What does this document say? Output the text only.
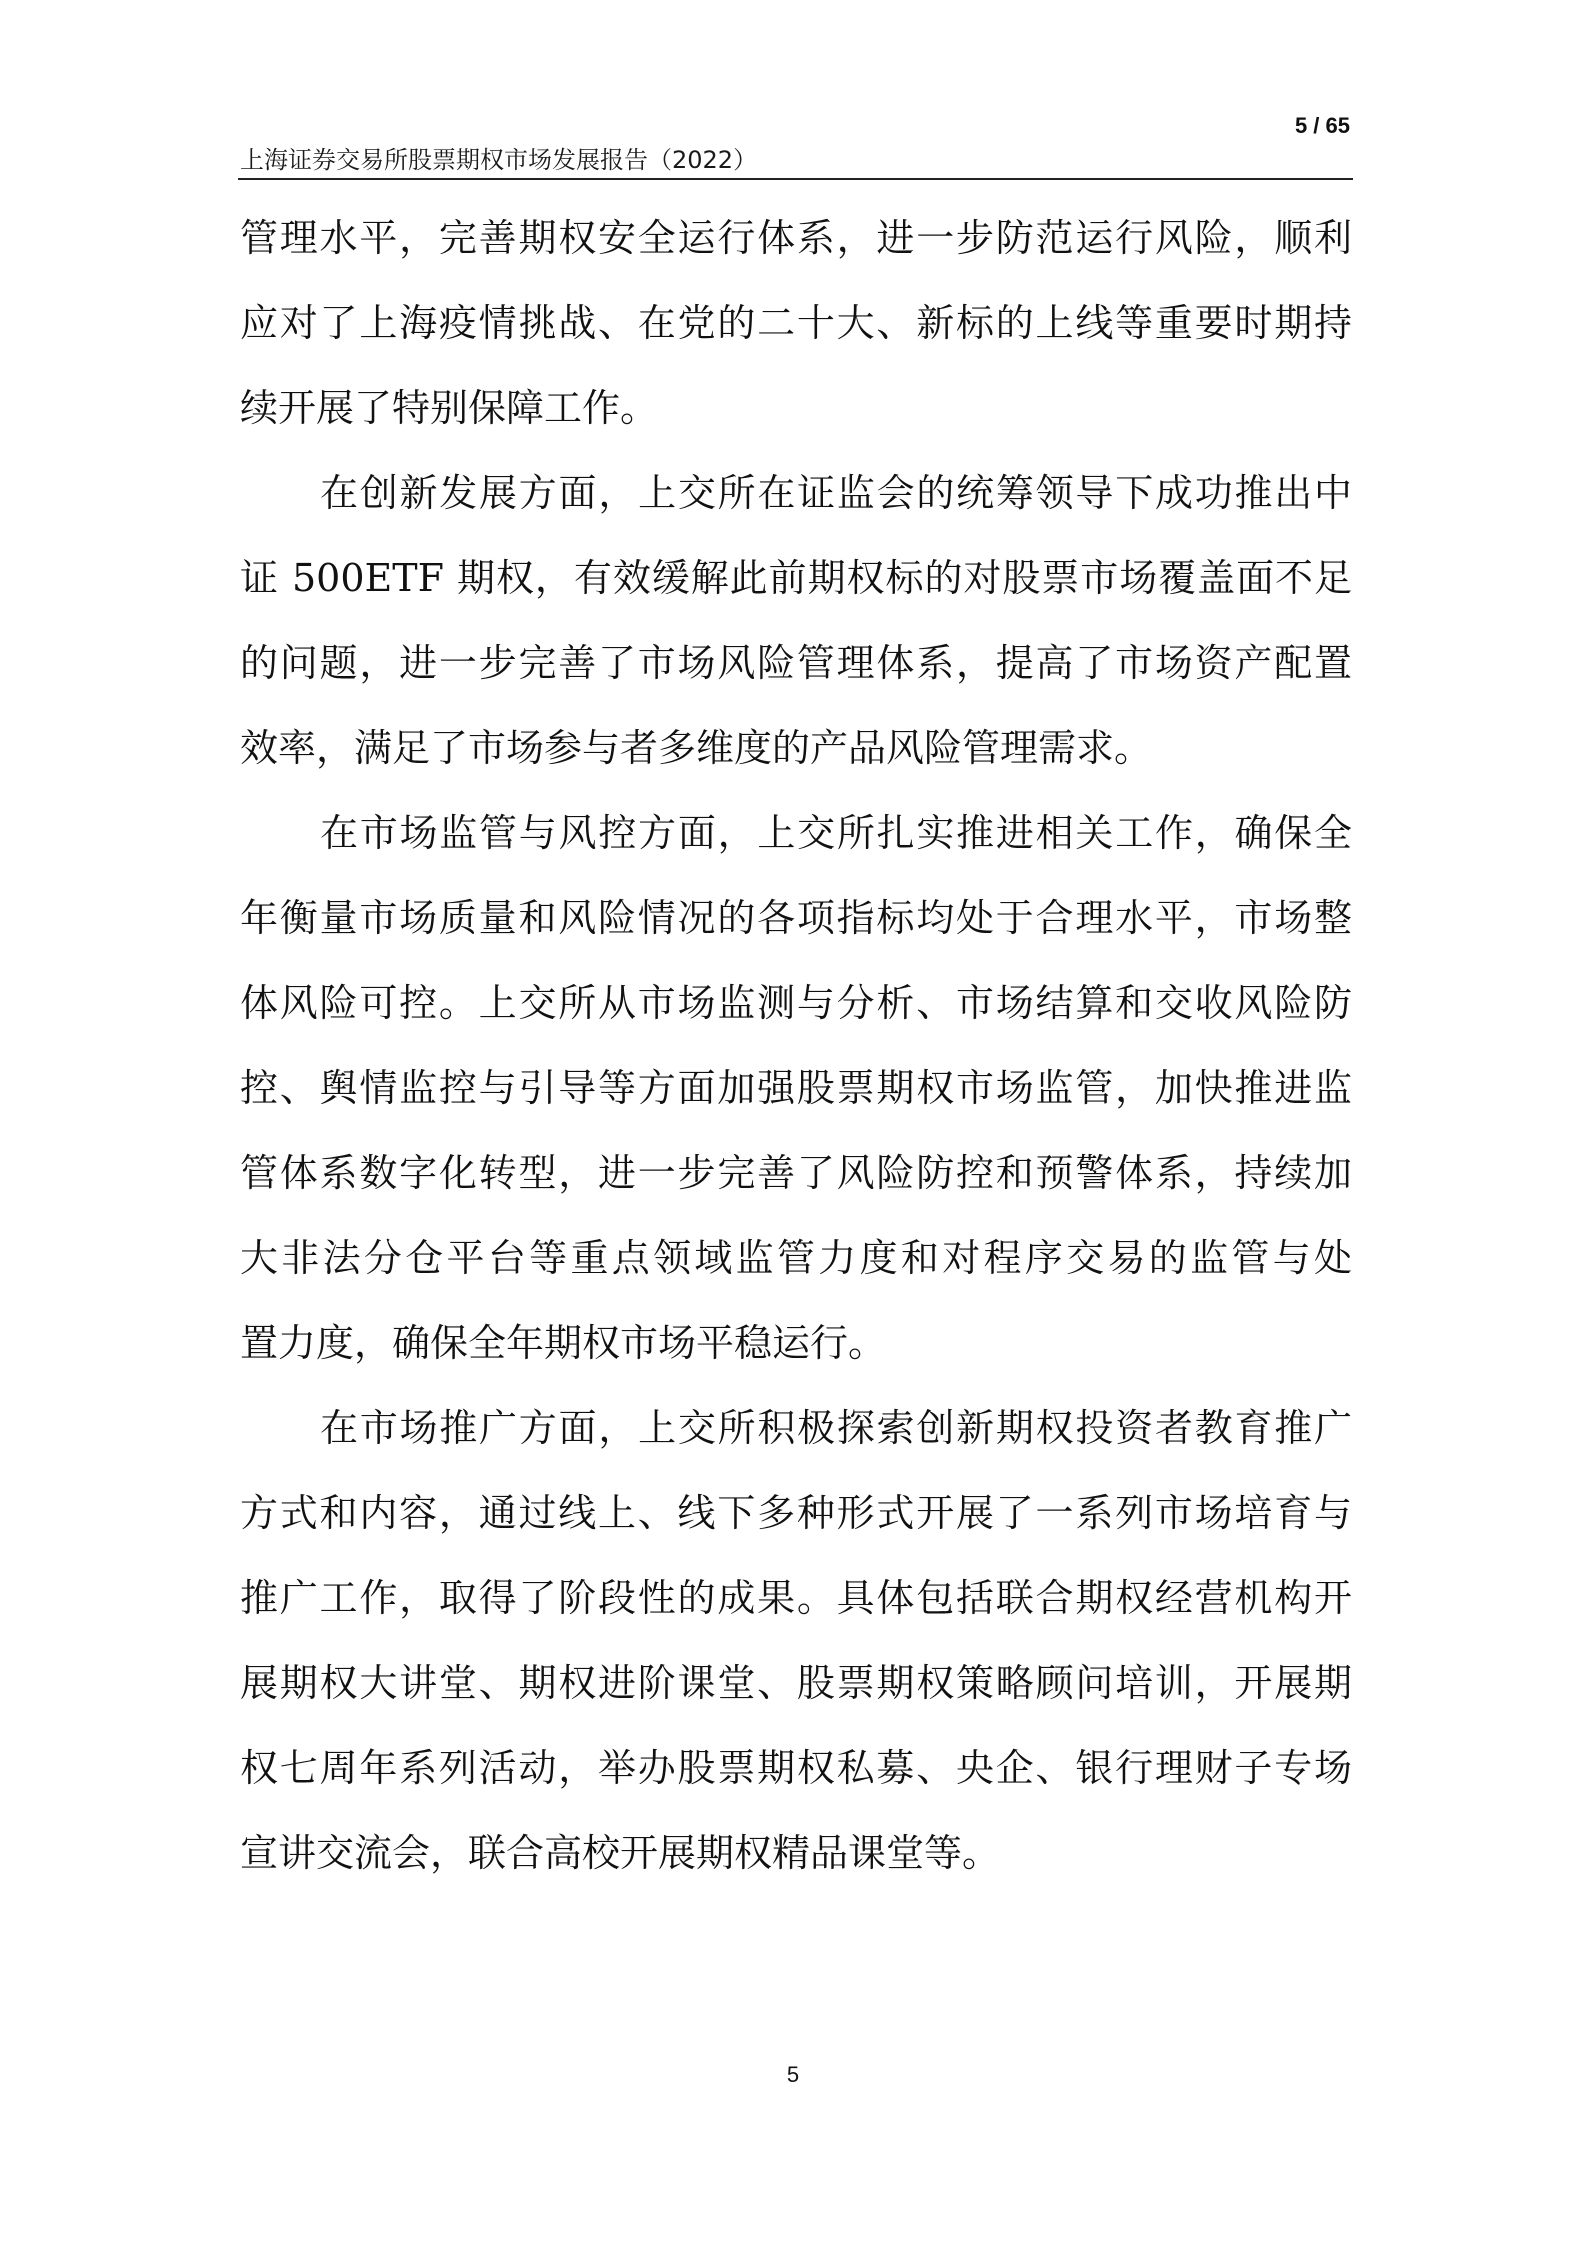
5 / 65
上海证券交易所股票期权市场发展报告（2022）
管理水平，完善期权安全运行体系，进一步防范运行风险，顺利
应对了上海疫情挑战、在党的二十大、新标的上线等重要时期持
续开展了特别保障工作。
在创新发展方面，上交所在证监会的统筹领导下成功推出中
证 500ETF 期权，有效缓解此前期权标的对股票市场覆盖面不足
的问题，进一步完善了市场风险管理体系，提高了市场资产配置
效率，满足了市场参与者多维度的产品风险管理需求。
在市场监管与风控方面，上交所扎实推进相关工作，确保全
年衡量市场质量和风险情况的各项指标均处于合理水平，市场整
体风险可控。上交所从市场监测与分析、市场结算和交收风险防
控、舆情监控与引导等方面加强股票期权市场监管，加快推进监
管体系数字化转型，进一步完善了风险防控和预警体系，持续加
大非法分仓平台等重点领域监管力度和对程序交易的监管与处
置力度，确保全年期权市场平稳运行。
在市场推广方面，上交所积极探索创新期权投资者教育推广
方式和内容，通过线上、线下多种形式开展了一系列市场培育与
推广工作，取得了阶段性的成果。具体包括联合期权经营机构开
展期权大讲堂、期权进阶课堂、股票期权策略顾问培训，开展期
权七周年系列活动，举办股票期权私募、央企、银行理财子专场
宣讲交流会，联合高校开展期权精品课堂等。
5
